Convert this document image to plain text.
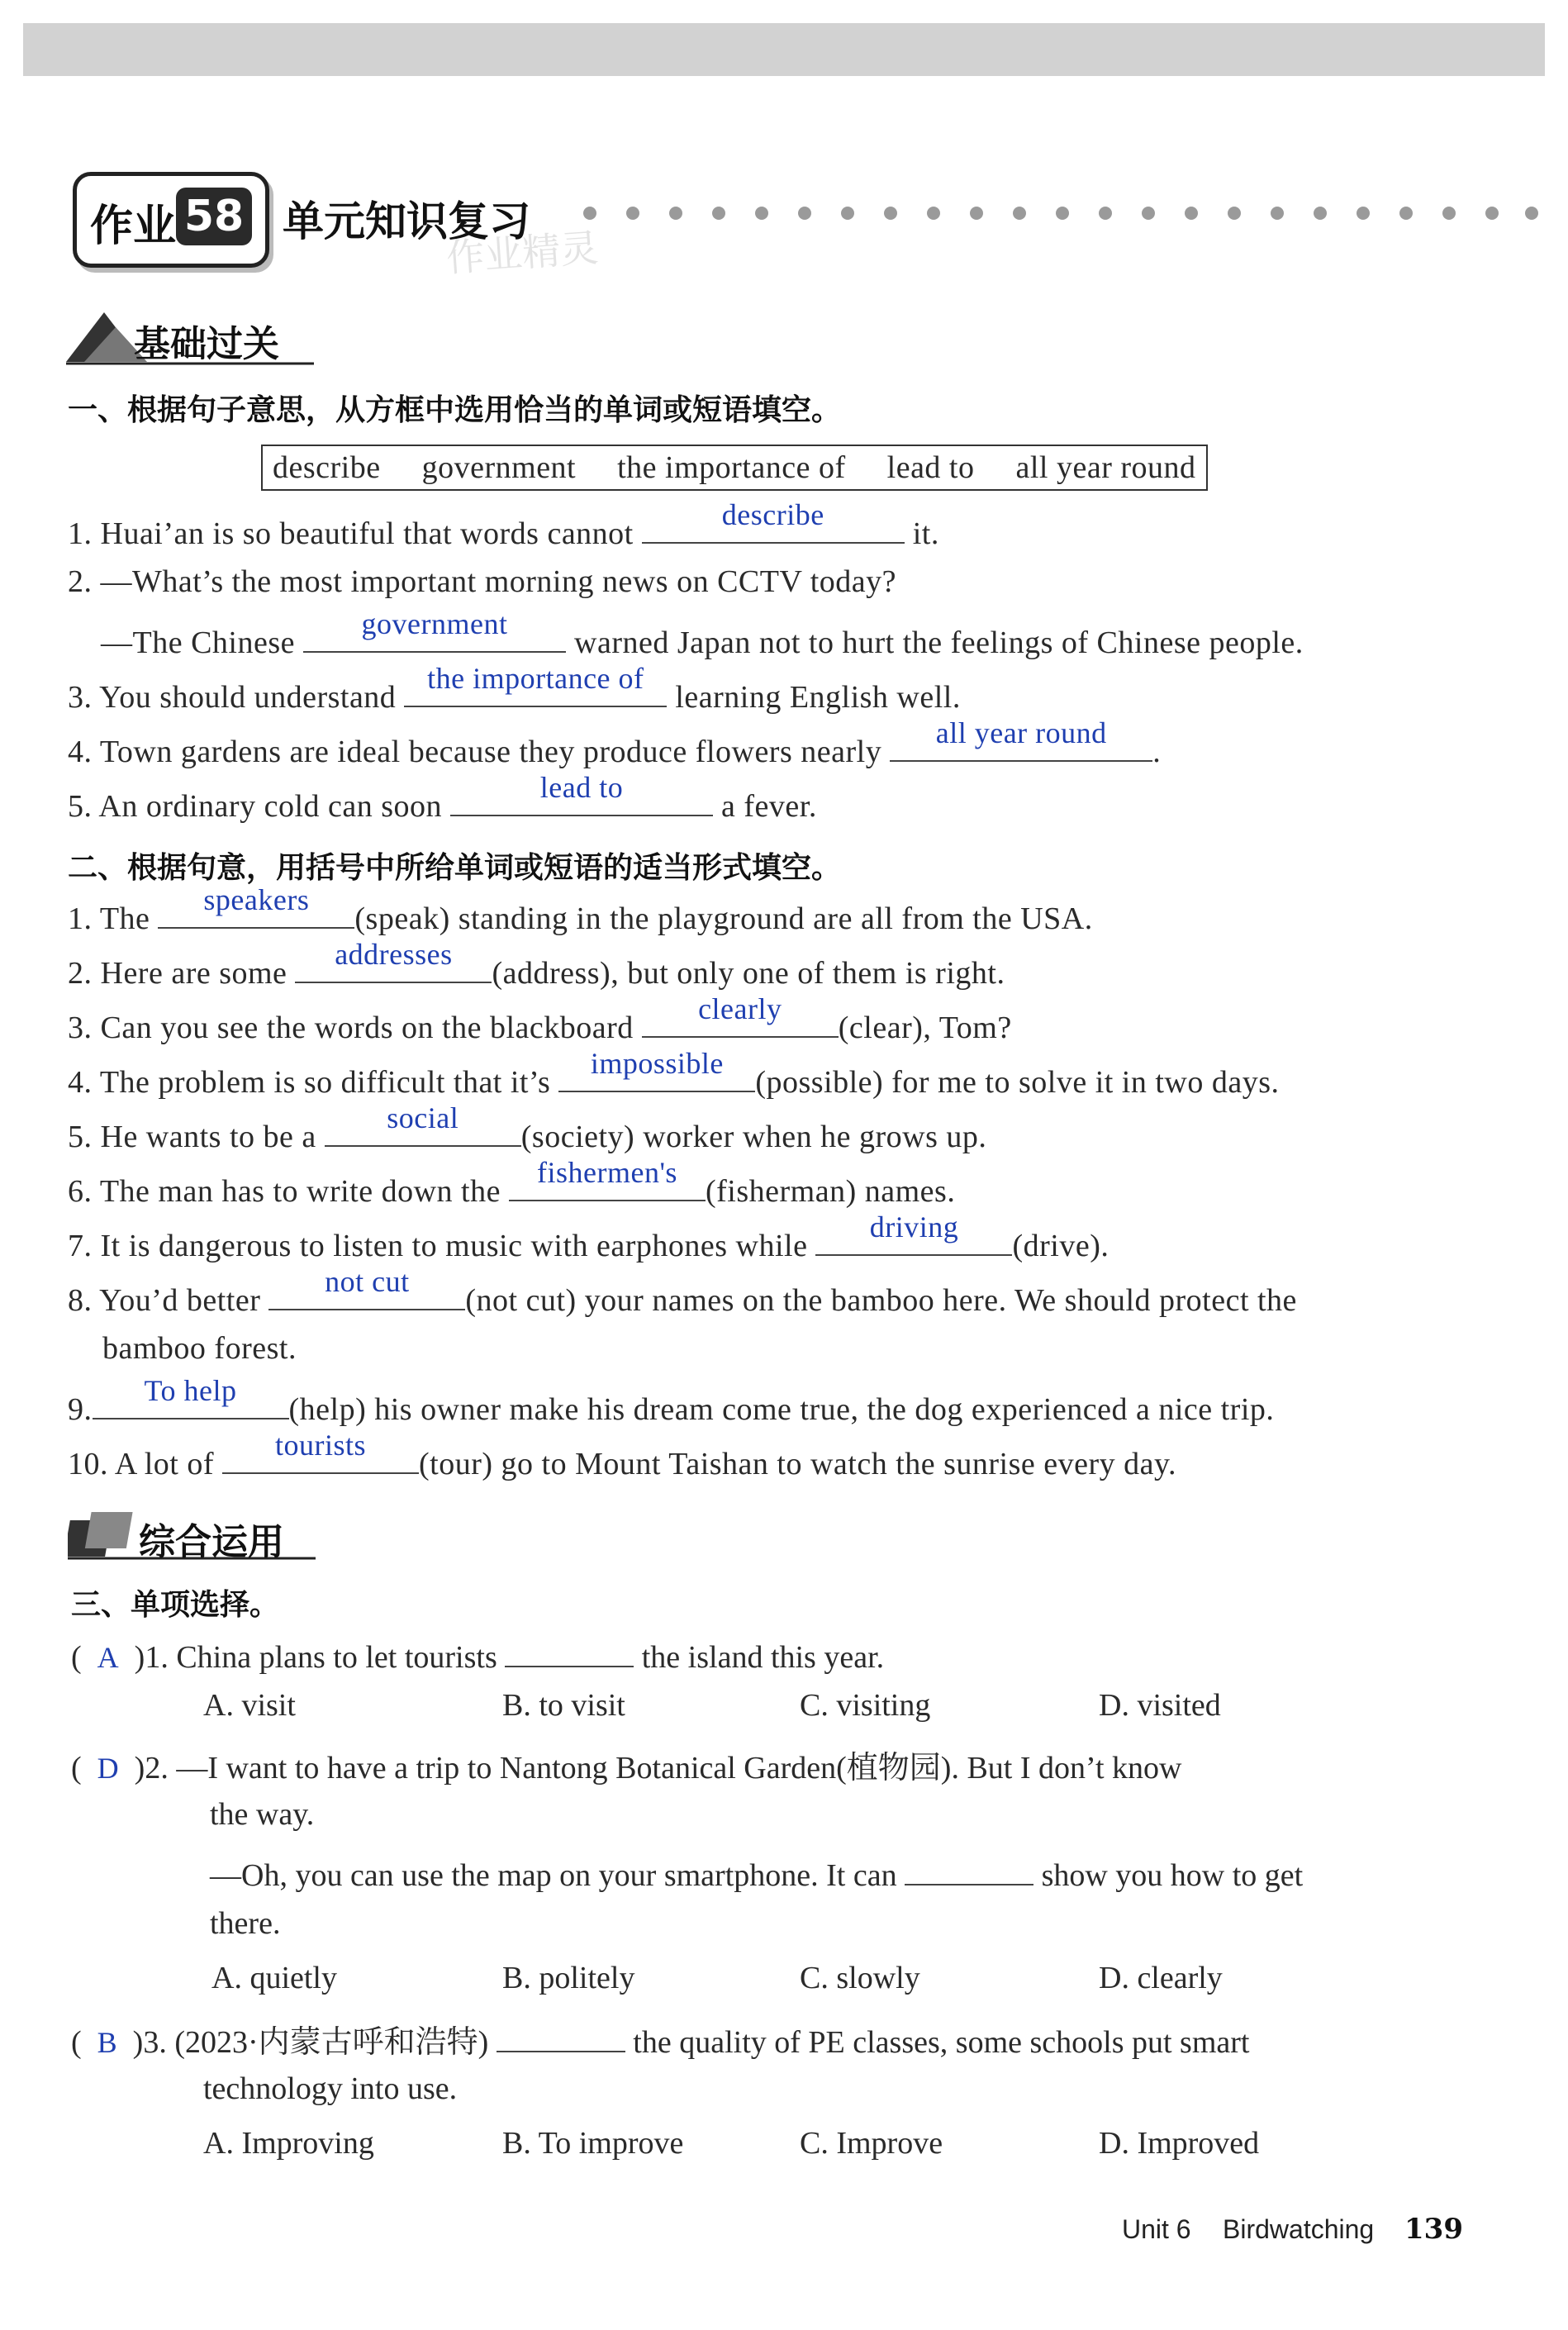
作业 58 单元知识复习
作业精灵
基础过关
一、根据句子意思，从方框中选用恰当的单词或短语填空。
describe government the importance of lead to all year round
1. Huai’an is so beautiful that words cannot
describe
it.
2. —What’s the most important morning news on CCTV today?
—The Chinese
government
warned Japan not to hurt the feelings of Chinese people.
3. You should understand
the importance of
learning English well.
4. Town gardens are ideal because they produce flowers nearly
all year round
.
5. An ordinary cold can soon
lead to
a fever.
二、根据句意，用括号中所给单词或短语的适当形式填空。
1. The
speakers
(speak) standing in the playground are all from the USA.
2. Here are some
addresses
(address), but only one of them is right.
3. Can you see the words on the blackboard
clearly
(clear), Tom?
4. The problem is so difficult that it’s
impossible
(possible) for me to solve it in two days.
5. He wants to be a
social
(society) worker when he grows up.
6. The man has to write down the
fishermen's
(fisherman) names.
7. It is dangerous to listen to music with earphones while
driving
(drive).
8. You’d better
not cut
(not cut) your names on the bamboo here. We should protect the
bamboo forest.
9.
To help
(help) his owner make his dream come true, the dog experienced a nice trip.
10. A lot of
tourists
(tour) go to Mount Taishan to watch the sunrise every day.
综合运用
三、单项选择。
( A )1. China plans to let tourists	the island this year.
A. visit	B. to visit	C. visiting	D. visited
( D )2. —I want to have a trip to Nantong Botanical Garden(植物园). But I don’t know
the way.
—Oh, you can use the map on your smartphone. It can	show you how to get
there.
A. quietly	B. politely	C. slowly	D. clearly
( B )3. (2023·内蒙古呼和浩特)	the quality of PE classes, some schools put smart
technology into use.
A. Improving	B. To improve	C. Improve	D. Improved
Unit 6 Birdwatching 139
